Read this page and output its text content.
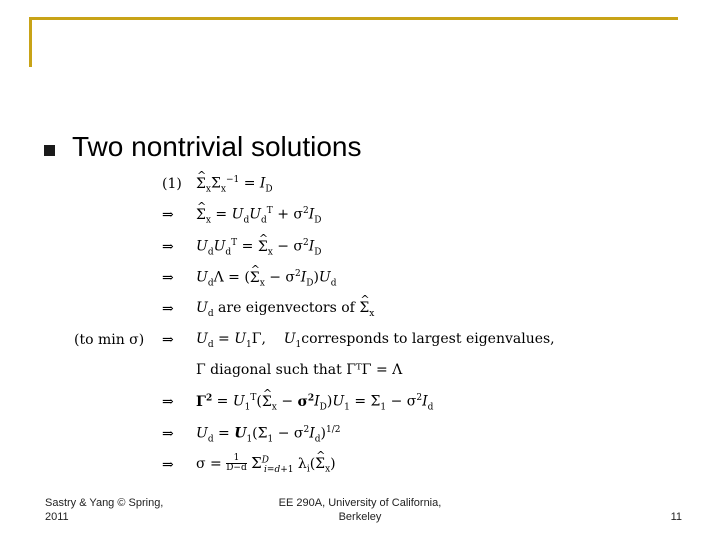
Two nontrivial solutions
(1) ^ $\Sigma_x\Sigma_x^{-1} = I_D$
⇒ ^ $\Sigma_x = U_dU_d^T + \sigma^2I_D$
⇒ $U_dU_d^T$ = ^ $\Sigma_x - \sigma^2I_D$
⇒ $U_d\Lambda$ = (^ $\Sigma_x - \sigma^2I_D)U_d$
⇒ $U_d$ are eigenvectors of ^ $\Sigma_x$
(to min σ) ⇒ $U_d = U_1\Gamma$,    $U_1corresponds$ to largest eigenvalues,
Γ diagonal such that ΓᵀΓ = Λ
⇒ $\Gamma^2$ = $U_1^T(\^{}$ $\Sigma_x - \sigma^2I_D)U_1 = \Sigma_1 - \sigma^2I_d$
⇒ $U_d = U_1(\Sigma_1 - \sigma^2I_d)^{1/2}$
⇒ $\sigma = \frac{1}{D-d} \Sigma^D_{i=d+1}$ $\lambda_i(\^{}$ $\Sigma_x$)
Sastry & Yang © Spring,
2011
EE 290A, University of California,
Berkeley	11
